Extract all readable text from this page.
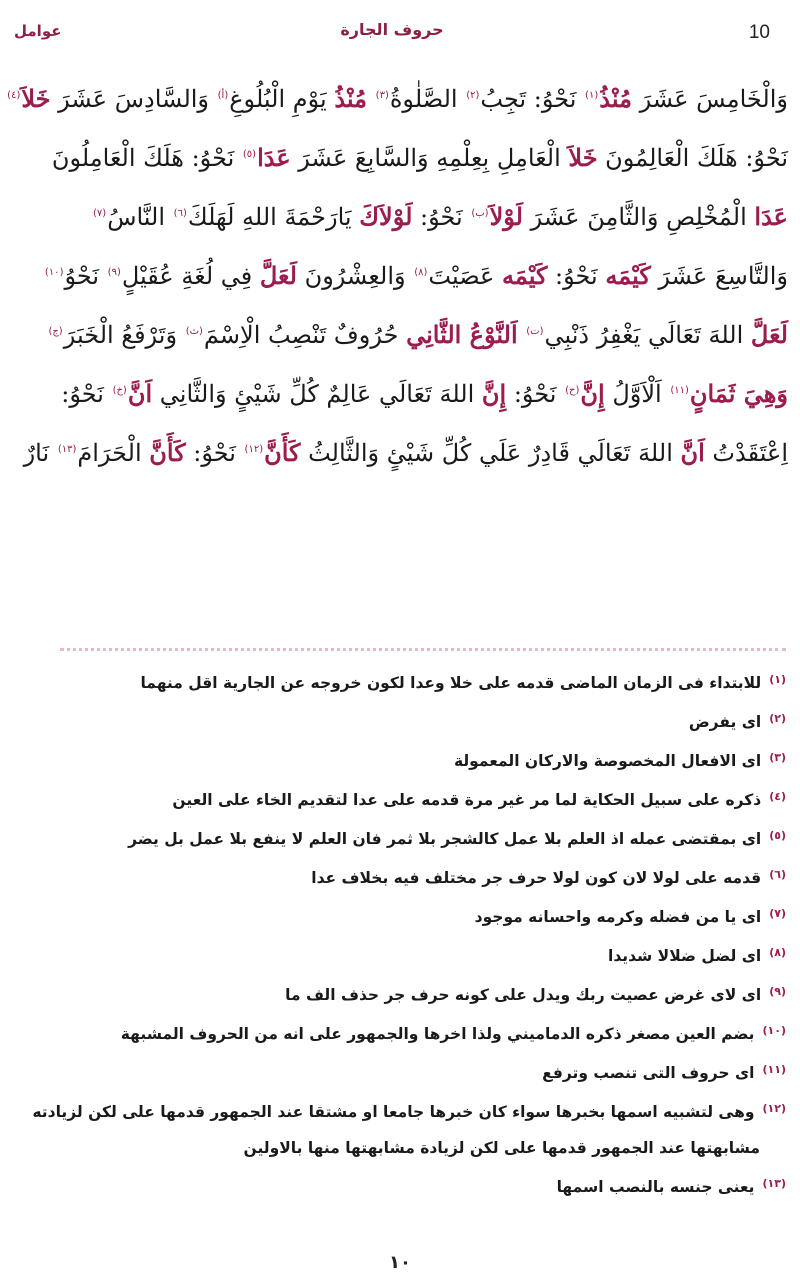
عوامل	حروف الجارة	10
وَالْخَامِسَ عَشَرَ مُنْذُ$^{(١)}$ نَحْوُ: تَجِبُ$^{(٢)}$ الصَّلٰوةُ$^{(٣)}$ مُنْذُ يَوْمِ الْبُلُوغِ$^{(أ)}$ وَالسَّادِسَ عَشَرَ خَلاَ$^{(٤)}$
نَحْوُ: هَلَكَ الْعَالِمُونَ خَلاَ الْعَامِلِ بِعِلْمِهِ وَالسَّابِعَ عَشَرَ عَدَا$^{(٥)}$ نَحْوُ: هَلَكَ الْعَامِلُونَ
عَدَا الْمُخْلِصِ وَالثَّامِنَ عَشَرَ لَوْلاَ$^{(ب)}$ نَحْوُ: لَوْلاَكَ يَارَحْمَةَ اللهِ لَهَلَكَ$^{(٦)}$ النَّاسُ$^{(٧)}$
وَالتَّاسِعَ عَشَرَ كَيْمَه نَحْوُ: كَيْمَه عَصَيْتَ$^{(٨)}$ وَالعِشْرُونَ لَعَلَّ فِي لُغَةِ عُقَيْلٍ$^{(٩)}$ نَحْوُ$^{(١٠)}$
لَعَلَّ اللهَ تَعَالَي يَغْفِرُ ذَنْبِي$^{(ت)}$ اَلنَّوْعُ الثَّانِي حُرُوفٌ تَنْصِبُ الْاِسْمَ$^{(ث)}$ وَتَرْفَعُ الْخَبَرَ$^{(ج)}$
وَهِيَ ثَمَانٍ$^{(١١)}$ اَلْاَوَّلُ إِنَّ$^{(ح)}$ نَحْوُ: إِنَّ اللهَ تَعَالَي عَالِمٌ كُلِّ شَيْئٍ وَالثَّانِي اَنَّ$^{(خ)}$ نَحْوُ:
اِعْتَقَدْتُ اَنَّ اللهَ تَعَالَي قَادِرٌ عَلَي كُلِّ شَيْئٍ وَالثَّالِثُ كَأَنَّ$^{(١٢)}$ نَحْوُ: كَأَنَّ الْحَرَامَ$^{(١٣)}$ نَارٌ
$^{(١)}$للابتداء فى الزمان الماضى قدمه على خلا وعدا لكون خروجه عن الجارية اقل منهما
$^{(٢)}$اى يفرض
$^{(٣)}$اى الافعال المخصوصة والاركان المعمولة
$^{(٤)}$ذكره على سبيل الحكاية لما مر غير مرة قدمه على عدا لتقديم الخاء على العين
$^{(٥)}$اى بمقتضى عمله اذ العلم بلا عمل كالشجر بلا ثمر فان العلم لا ينفع بلا عمل بل يضر
$^{(٦)}$قدمه على لولا لان كون لولا حرف جر مختلف فيه بخلاف عدا
$^{(٧)}$اى يا من فضله وكرمه واحسانه موجود
$^{(٨)}$اى لضل ضلالا شديدا
$^{(٩)}$اى لاى غرض عصيت ربك ويدل على كونه حرف جر حذف الف ما
$^{(١٠)}$بضم العين مصغر ذكره الدماميني ولذا اخرها والجمهور على انه من الحروف المشبهة
$^{(١١)}$اى حروف التى تنصب وترفع
$^{(١٢)}$وهى لتشبيه اسمها بخبرها سواء كان خبرها جامعا او مشتقا عند الجمهور قدمها على لكن لزيادته
مشابهتها عند الجمهور قدمها على لكن لزيادة مشابهتها منها بالاولين
$^{(١٣)}$يعنى جنسه بالنصب اسمها
١٠
